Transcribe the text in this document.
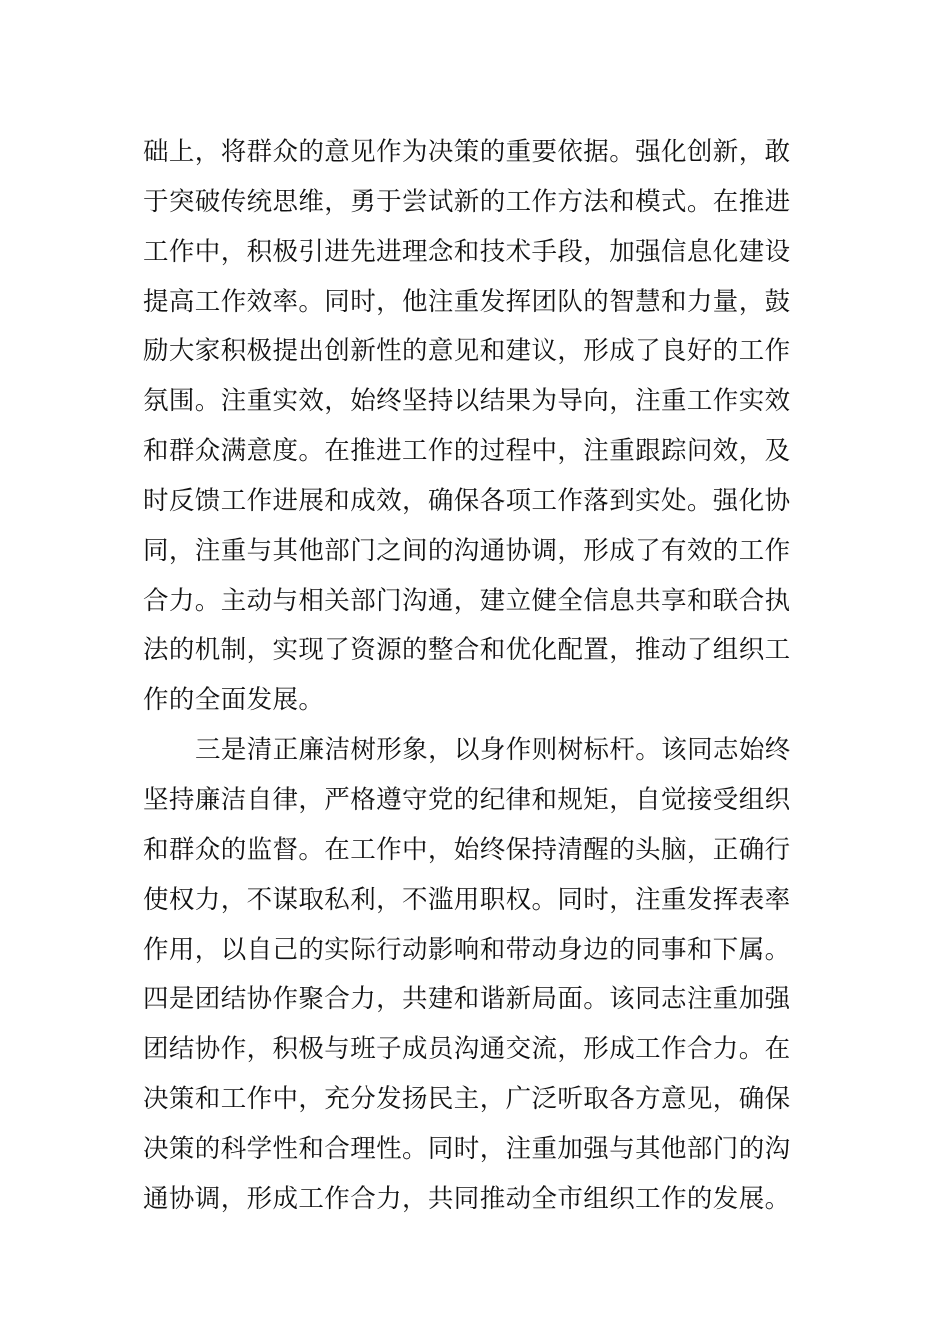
础上，将群众的意见作为决策的重要依据。强化创新，敢
于突破传统思维，勇于尝试新的工作方法和模式。在推进
工作中，积极引进先进理念和技术手段，加强信息化建设
提高工作效率。同时，他注重发挥团队的智慧和力量，鼓
励大家积极提出创新性的意见和建议，形成了良好的工作
氛围。注重实效，始终坚持以结果为导向，注重工作实效
和群众满意度。在推进工作的过程中，注重跟踪问效，及
时反馈工作进展和成效，确保各项工作落到实处。强化协
同，注重与其他部门之间的沟通协调，形成了有效的工作
合力。主动与相关部门沟通，建立健全信息共享和联合执
法的机制，实现了资源的整合和优化配置，推动了组织工
作的全面发展。
三是清正廉洁树形象，以身作则树标杆。该同志始终
坚持廉洁自律，严格遵守党的纪律和规矩，自觉接受组织
和群众的监督。在工作中，始终保持清醒的头脑，正确行
使权力，不谋取私利，不滥用职权。同时，注重发挥表率
作用，以自己的实际行动影响和带动身边的同事和下属。
四是团结协作聚合力，共建和谐新局面。该同志注重加强
团结协作，积极与班子成员沟通交流，形成工作合力。在
决策和工作中，充分发扬民主，广泛听取各方意见，确保
决策的科学性和合理性。同时，注重加强与其他部门的沟
通协调，形成工作合力，共同推动全市组织工作的发展。
